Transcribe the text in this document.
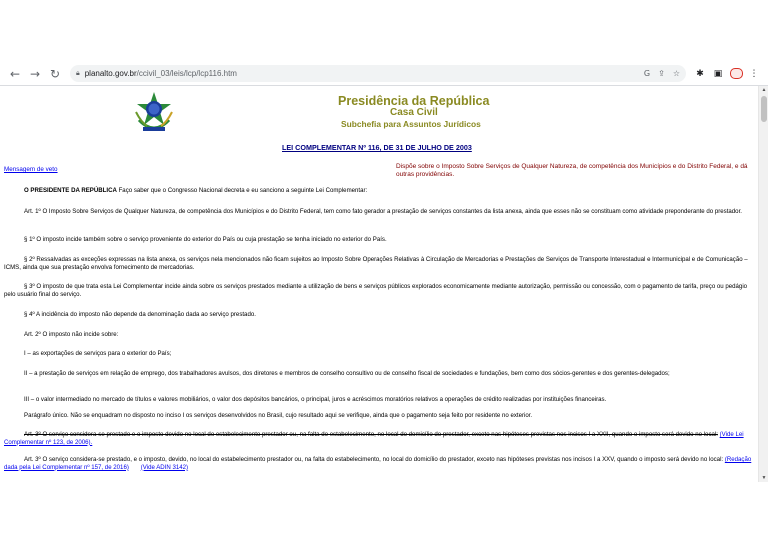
← → ↻	🔒︎ planalto.gov.br /ccivil_03/leis/lcp/lcp116.htm	G ⇪ ☆	✱	▣	⋮
Presidência da República
Casa Civil
Subchefia para Assuntos Jurídicos
LEI COMPLEMENTAR Nº 116, DE 31 DE JULHO DE 2003
Mensagem de veto	Dispõe sobre o Imposto Sobre Serviços de Qualquer Natureza, de competência dos Municípios e do Distrito Federal, e dá outras providências.
O PRESIDENTE DA REPÚBLICA Faço saber que o Congresso Nacional decreta e eu sanciono a seguinte Lei Complementar:
Art. 1º O Imposto Sobre Serviços de Qualquer Natureza, de competência dos Municípios e do Distrito Federal, tem como fato gerador a prestação de serviços constantes da lista anexa, ainda que esses não se constituam como atividade preponderante do prestador.
§ 1º O imposto incide também sobre o serviço proveniente do exterior do País ou cuja prestação se tenha iniciado no exterior do País.
§ 2º Ressalvadas as exceções expressas na lista anexa, os serviços nela mencionados não ficam sujeitos ao Imposto Sobre Operações Relativas à Circulação de Mercadorias e Prestações de Serviços de Transporte Interestadual e Intermunicipal e de Comunicação – ICMS, ainda que sua prestação envolva fornecimento de mercadorias.
§ 3º O imposto de que trata esta Lei Complementar incide ainda sobre os serviços prestados mediante a utilização de bens e serviços públicos explorados economicamente mediante autorização, permissão ou concessão, com o pagamento de tarifa, preço ou pedágio pelo usuário final do serviço.
§ 4º A incidência do imposto não depende da denominação dada ao serviço prestado.
Art. 2º O imposto não incide sobre:
I – as exportações de serviços para o exterior do País;
II – a prestação de serviços em relação de emprego, dos trabalhadores avulsos, dos diretores e membros de conselho consultivo ou de conselho fiscal de sociedades e fundações, bem como dos sócios-gerentes e dos gerentes-delegados;
III – o valor intermediado no mercado de títulos e valores mobiliários, o valor dos depósitos bancários, o principal, juros e acréscimos moratórios relativos a operações de crédito realizadas por instituições financeiras.
Parágrafo único. Não se enquadram no disposto no inciso I os serviços desenvolvidos no Brasil, cujo resultado aqui se verifique, ainda que o pagamento seja feito por residente no exterior.
Art. 3º O serviço considera-se prestado e o imposto devido no local do estabelecimento prestador ou, na falta do estabelecimento, no local do domicílio do prestador, exceto nas hipóteses previstas nos incisos I a XXII, quando o imposto será devido no local: (Vide Lei Complementar nº 123, de 2006).
Art. 3º O serviço considera-se prestado, e o imposto, devido, no local do estabelecimento prestador ou, na falta do estabelecimento, no local do domicílio do prestador, exceto nas hipóteses previstas nos incisos I a XXV, quando o imposto será devido no local: (Redação dada pela Lei Complementar nº 157, de 2016) (Vide ADIN 3142)
▲
▼
